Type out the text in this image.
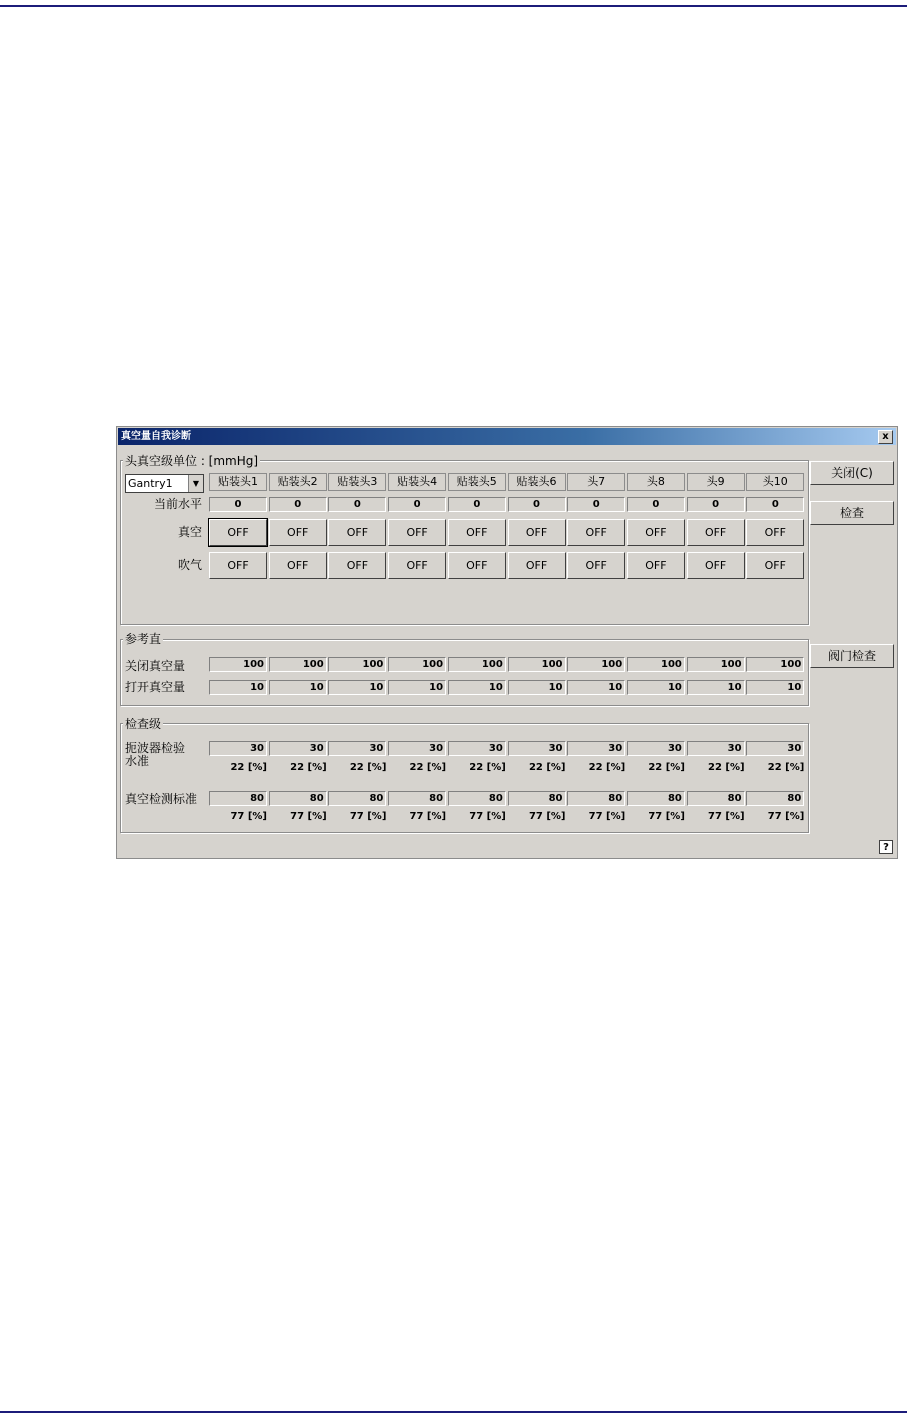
真空量自我诊断	x
头真空级单位 : [mmHg]
Gantry1	▼
当前水平
真空
吹气
参考直
关闭真空量
打开真空量
检查级
扼波器检验
水准
真空检测标准
关闭(C)
检查
阀门检查
?
贴装头1
0
OFF
OFF
100
10
30
22 [%]
80
77 [%]
贴装头2
0
OFF
OFF
100
10
30
22 [%]
80
77 [%]
贴装头3
0
OFF
OFF
100
10
30
22 [%]
80
77 [%]
贴装头4
0
OFF
OFF
100
10
30
22 [%]
80
77 [%]
贴装头5
0
OFF
OFF
100
10
30
22 [%]
80
77 [%]
贴装头6
0
OFF
OFF
100
10
30
22 [%]
80
77 [%]
头7
0
OFF
OFF
100
10
30
22 [%]
80
77 [%]
头8
0
OFF
OFF
100
10
30
22 [%]
80
77 [%]
头9
0
OFF
OFF
100
10
30
22 [%]
80
77 [%]
头10
0
OFF
OFF
100
10
30
22 [%]
80
77 [%]
